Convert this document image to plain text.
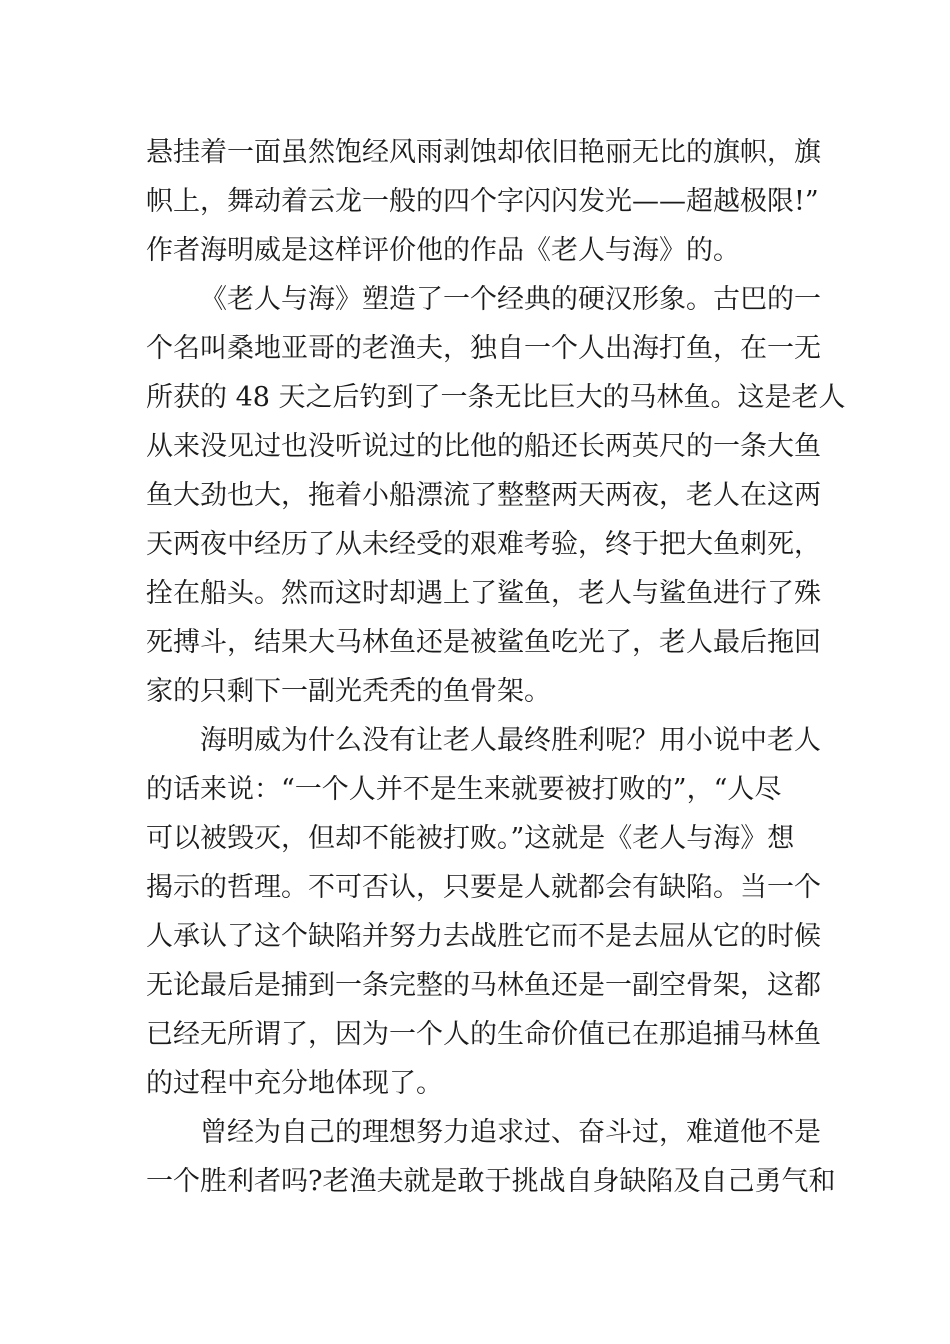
悬挂着一面虽然饱经风雨剥蚀却依旧艳丽无比的旗帜，旗
帜上，舞动着云龙一般的四个字闪闪发光——超越极限!”
作者海明威是这样评价他的作品《老人与海》的。
《老人与海》塑造了一个经典的硬汉形象。古巴的一
个名叫桑地亚哥的老渔夫，独自一个人出海打鱼，在一无
所获的 48 天之后钓到了一条无比巨大的马林鱼。这是老人
从来没见过也没听说过的比他的船还长两英尺的一条大鱼
鱼大劲也大，拖着小船漂流了整整两天两夜，老人在这两
天两夜中经历了从未经受的艰难考验，终于把大鱼刺死，
拴在船头。然而这时却遇上了鲨鱼，老人与鲨鱼进行了殊
死搏斗，结果大马林鱼还是被鲨鱼吃光了，老人最后拖回
家的只剩下一副光秃秃的鱼骨架。
海明威为什么没有让老人最终胜利呢？用小说中老人
的话来说：“一个人并不是生来就要被打败的”，“人尽
可以被毁灭，但却不能被打败。”这就是《老人与海》想
揭示的哲理。不可否认，只要是人就都会有缺陷。当一个
人承认了这个缺陷并努力去战胜它而不是去屈从它的时候
无论最后是捕到一条完整的马林鱼还是一副空骨架，这都
已经无所谓了，因为一个人的生命价值已在那追捕马林鱼
的过程中充分地体现了。
曾经为自己的理想努力追求过、奋斗过，难道他不是
一个胜利者吗?老渔夫就是敢于挑战自身缺陷及自己勇气和
